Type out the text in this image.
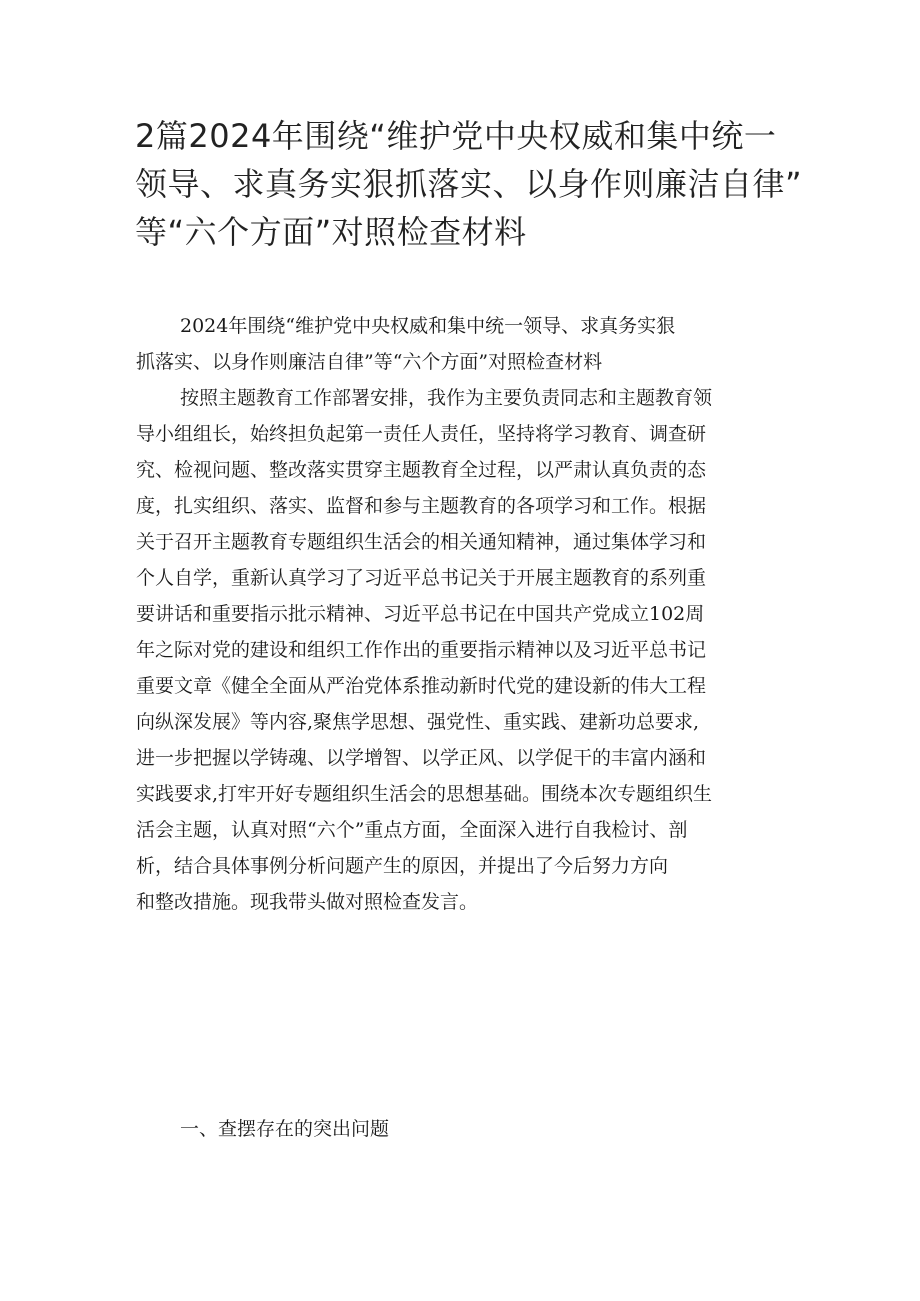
2篇2024年围绕“维护党中央权威和集中统一
领导、求真务实狠抓落实、以身作则廉洁自律”
等“六个方面”对照检查材料
2024年围绕“维护党中央权威和集中统一领导、求真务实狠
抓落实、以身作则廉洁自律”等“六个方面”对照检查材料
按照主题教育工作部署安排，我作为主要负责同志和主题教育领
导小组组长，始终担负起第一责任人责任，坚持将学习教育、调查研
究、检视问题、整改落实贯穿主题教育全过程，以严肃认真负责的态
度，扎实组织、落实、监督和参与主题教育的各项学习和工作。根据
关于召开主题教育专题组织生活会的相关通知精神，通过集体学习和
个人自学，重新认真学习了习近平总书记关于开展主题教育的系列重
要讲话和重要指示批示精神、习近平总书记在中国共产党成立102周
年之际对党的建设和组织工作作出的重要指示精神以及习近平总书记
重要文章《健全全面从严治党体系推动新时代党的建设新的伟大工程
向纵深发展》等内容,聚焦学思想、强党性、重实践、建新功总要求,
进一步把握以学铸魂、以学增智、以学正风、以学促干的丰富内涵和
实践要求,打牢开好专题组织生活会的思想基础。围绕本次专题组织生
活会主题，认真对照“六个”重点方面，全面深入进行自我检讨、剖
析，结合具体事例分析问题产生的原因，并提出了今后努力方向
和整改措施。现我带头做对照检查发言。
一、查摆存在的突出问题
